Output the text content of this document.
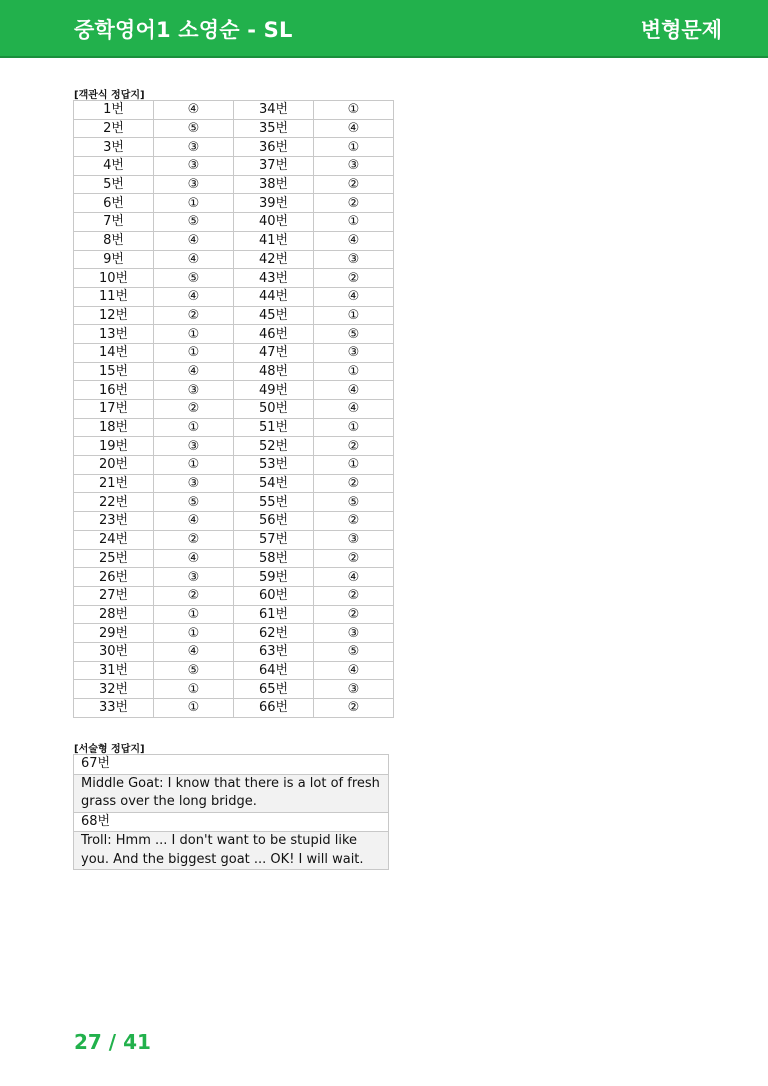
중학영어1 소영순 - SL	변형문제
[객관식 정답지]
1번	④	34번	①
2번	⑤	35번	④
3번	③	36번	①
4번	③	37번	③
5번	③	38번	②
6번	①	39번	②
7번	⑤	40번	①
8번	④	41번	④
9번	④	42번	③
10번	⑤	43번	②
11번	④	44번	④
12번	②	45번	①
13번	①	46번	⑤
14번	①	47번	③
15번	④	48번	①
16번	③	49번	④
17번	②	50번	④
18번	①	51번	①
19번	③	52번	②
20번	①	53번	①
21번	③	54번	②
22번	⑤	55번	⑤
23번	④	56번	②
24번	②	57번	③
25번	④	58번	②
26번	③	59번	④
27번	②	60번	②
28번	①	61번	②
29번	①	62번	③
30번	④	63번	⑤
31번	⑤	64번	④
32번	①	65번	③
33번	①	66번	②
[서술형 정답지]
67번
Middle Goat: I know that there is a lot of fresh grass over the long bridge.
68번
Troll: Hmm ... I don't want to be stupid like you. And the biggest goat ... OK! I will wait.
27 / 41
